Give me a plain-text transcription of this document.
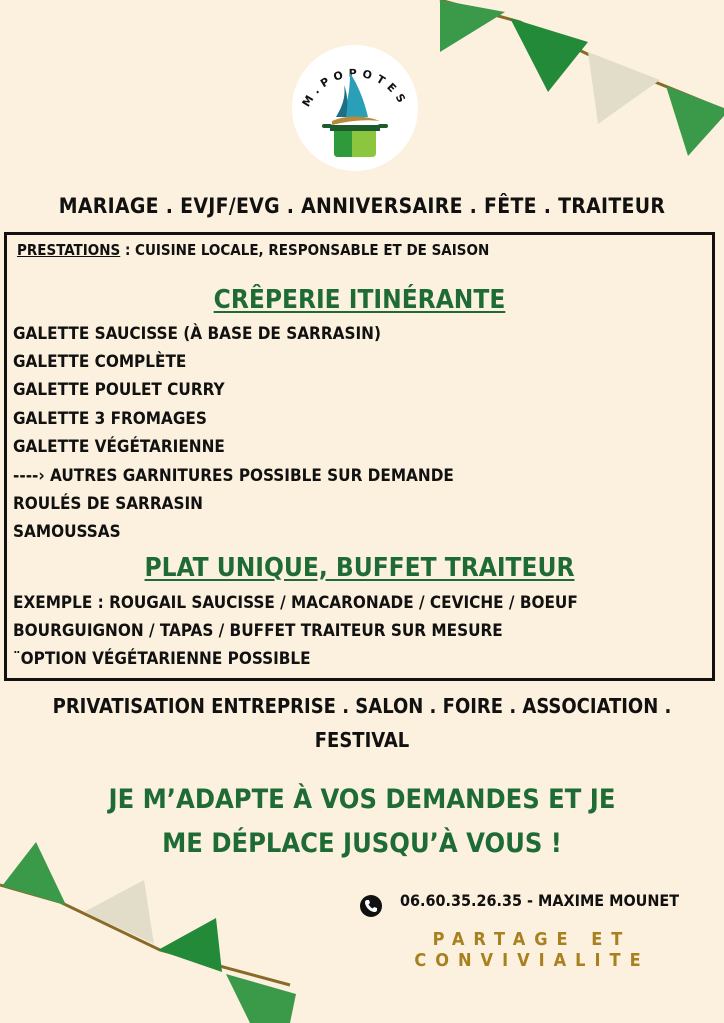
M.POPOTES
MARIAGE . EVJF/EVG . ANNIVERSAIRE . FÊTE . TRAITEUR
PRESTATIONS : CUISINE LOCALE, RESPONSABLE ET DE SAISON
CRÊPERIE ITINÉRANTE
GALETTE SAUCISSE (À BASE DE SARRASIN)
GALETTE COMPLÈTE
GALETTE POULET CURRY
GALETTE 3 FROMAGES
GALETTE VÉGÉTARIENNE
----› AUTRES GARNITURES POSSIBLE SUR DEMANDE
ROULÉS DE SARRASIN
SAMOUSSAS
PLAT UNIQUE, BUFFET TRAITEUR
EXEMPLE : ROUGAIL SAUCISSE / MACARONADE / CEVICHE / BOEUF
BOURGUIGNON / TAPAS / BUFFET TRAITEUR SUR MESURE
¨OPTION VÉGÉTARIENNE POSSIBLE
PRIVATISATION ENTREPRISE . SALON . FOIRE . ASSOCIATION .
FESTIVAL
JE M’ADAPTE À VOS DEMANDES ET JE
ME DÉPLACE JUSQU’À VOUS !
06.60.35.26.35 - MAXIME MOUNET
PARTAGE ET
CONVIVIALITE
